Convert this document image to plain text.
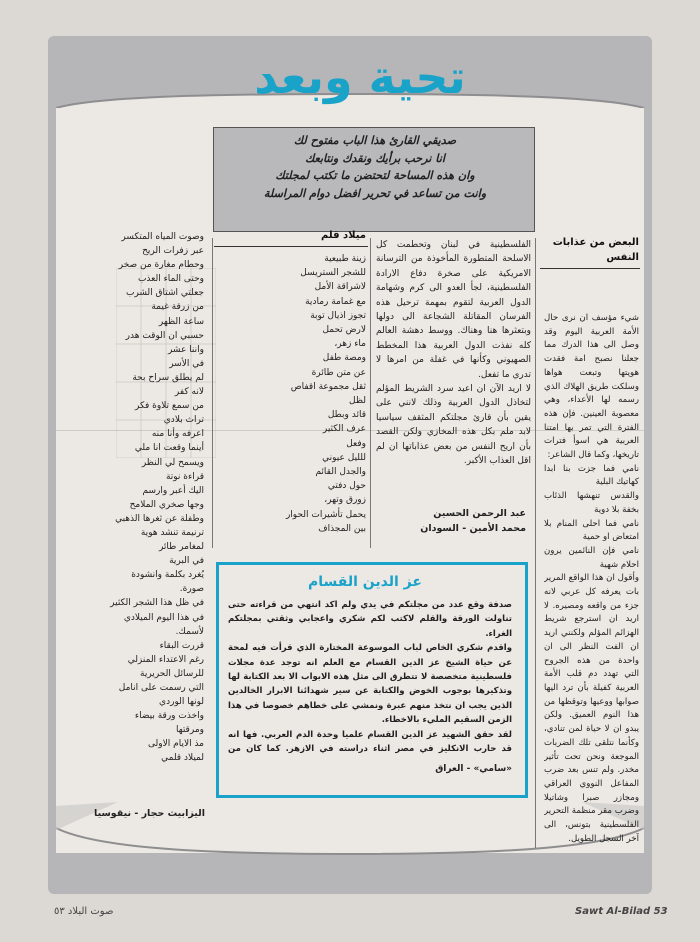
تحية وبعد
صديقي القارئ هذا الباب مفتوح لك
انا نرحب برأيك ونقدك ونتابعك
وان هذه المساحة لتحتضن ما تكتب لمجلتك
وانت من تساعد في تحرير افضل دوام المراسلة
البعض من عذابات
النفس
شيء مؤسف ان نرى حال الأمة العربية اليوم وقد وصل الى هذا الدرك مما جعلنا نصبح امة فقدت هويتها وتبعت هواها وسلكت طريق الهلاك الذي رسمه لها الأعداء، وهي معصوبة العينين. فإن هذه الفترة التي تمر بها امتنا العربية هي اسوأ فترات تاريخها، وكما قال الشاعر:
نامي فما جزت بنا ابدا كهاتيك البلية
والقدس تنهشها الذئاب بخفة بلا دوية
نامي فما احلى المنام بلا امتعاض او حمية
نامي فإن النائمين يرون احلام شهية
وأقول ان هذا الواقع المرير بات يعرفه كل عربي لانه جزء من واقعه ومصيره. لا اريد ان استرجع شريط الهزائم المؤلم ولكنني اريد ان الفت النظر الى ان واحدة من هذه الجروح التي تهدد دم قلب الأمة العربية كفيلة بأن ترد اليها صوابها ووعيها وتوقظها من هذا النوم العميق. ولكن يبدو ان لا حياة لمن تنادي، وكأنما نتلقى تلك الضربات الموجعة ونحن تحت تأثير مخدر. ولم تنس بعد ضرب المفاعل النووي العراقي ومجازر صبرا وشاتيلا وضرب مقر منظمة التحرير الفلسطينية بتونس، الى آخر السجل الطويل.

الفلسطينية في لبنان وتحطمت كل الاسلحة المتطورة المأخوذة من الترسانة الامريكية على صخرة دفاع الارادة الفلسطينية، لجأ العدو الى كرم وشهامة الدول العربية لتقوم بمهمة ترحيل هذه الفرسان المقاتلة الشجاعة الى دولها وبتعثرها هنا وهناك. ووسط دهشة العالم كله نفذت الدول العربية هذا المخطط الصهيوني وكأنها في غفلة من امرها لا تدري ما تفعل.
لا اريد الآن ان اعيد سرد الشريط المؤلم لتخاذل الدول العربية وذلك لانني على يقين بأن قارئ مجلتكم المثقف سياسيا لابد ملم بكل هذه المخازي ولكن القصد بأن اريح النفس من بعض عذاباتها ان لم اقل العذاب الأكبر.
عبد الرحمن الحسين
محمد الأمين - السودان
ميلاد قلم
زينة طبيعية
للشجر الستريسل
لاشراقة الأمل
مع غمامة رمادية
تجوز اذيال توبة
لارض تحمل
ماء زهر،
ومصة طفل
عن متن طائرة
ثقل مجموعة اقفاص
لظل
قائد وبطل
عرف الكثير
وفعل
للليل عيوني
والجدل القائم
حول دفتي
زورق وتهر،
يحمل تأشيرات الحوار
بين المجذاف
وصوت المياه المتكسر
عبر زفرات الريح
وحطام مغارة من صخر
وحتى الماء العذب
جعلتي اشتاق الشرب
من زرقة غيمة
ساعة الظهر
حسبي ان الوقت هدر
واننا عشر
في الأسر
لم يطلق سراح بحة
لانه كفر
من سمع تلاوة فكر
تراث بلادي
اعرفه وأنا منه
أينما وقعت انا ملي
ويسمح لي النظر
قراءة نوتة
اليك أعبر وارسم
وجها صخري الملامح
وطفلة عن ثغرها الذهبي
ترنيمة تنشد هوية
لمغامر طائر
في البرية
يُغرد بكلمة وانشودة
صورة.
في ظل هذا الشجر الكثير
في هذا اليوم الميلادي
لأسمك.
قررت البقاء
رغم الاعتداء المنزلي
للرسائل الحريرية
التي رسمت على انامل
لونها الوردي
واخذت ورقة بيضاء
ومرقتها
مذ الايام الاولى
لميلاد قلمي
اليزابيث حجار - نيقوسيا
عز الدين القسام
صدفة وقع عدد من مجلتكم في يدي ولم اكد انتهي من قراءته حتى تناولت الورقة والقلم لاكتب لكم شكري واعجابي وثقتي بمجلتكم الغراء.
واقدم شكري الخاص لباب الموسوعة المختارة الذي قرأت فيه لمحة عن حياة الشيخ عز الدين القسام مع العلم انه توجد عدة مجلات فلسطينية متخصصة لا تتطرق الى مثل هذه الابواب الا بعد الكتابة لها وتذكيرها بوجوب الخوض والكتابة عن سير شهدائنا الابرار الخالدين الذين يجب ان نتخذ منهم عبرة ونمشي على خطاهم خصوصا في هذا الزمن السقيم المليء بالاخطاء.
لقد حقق الشهيد عز الدين القسام علميا وحدة الدم العربي. فها انه قد حارب الانكليز في مصر اثناء دراسته في الازهر. كما كان من
«سامي» - العراق
صوت البلاد ٥٣	Sawt Al-Bilad 53
